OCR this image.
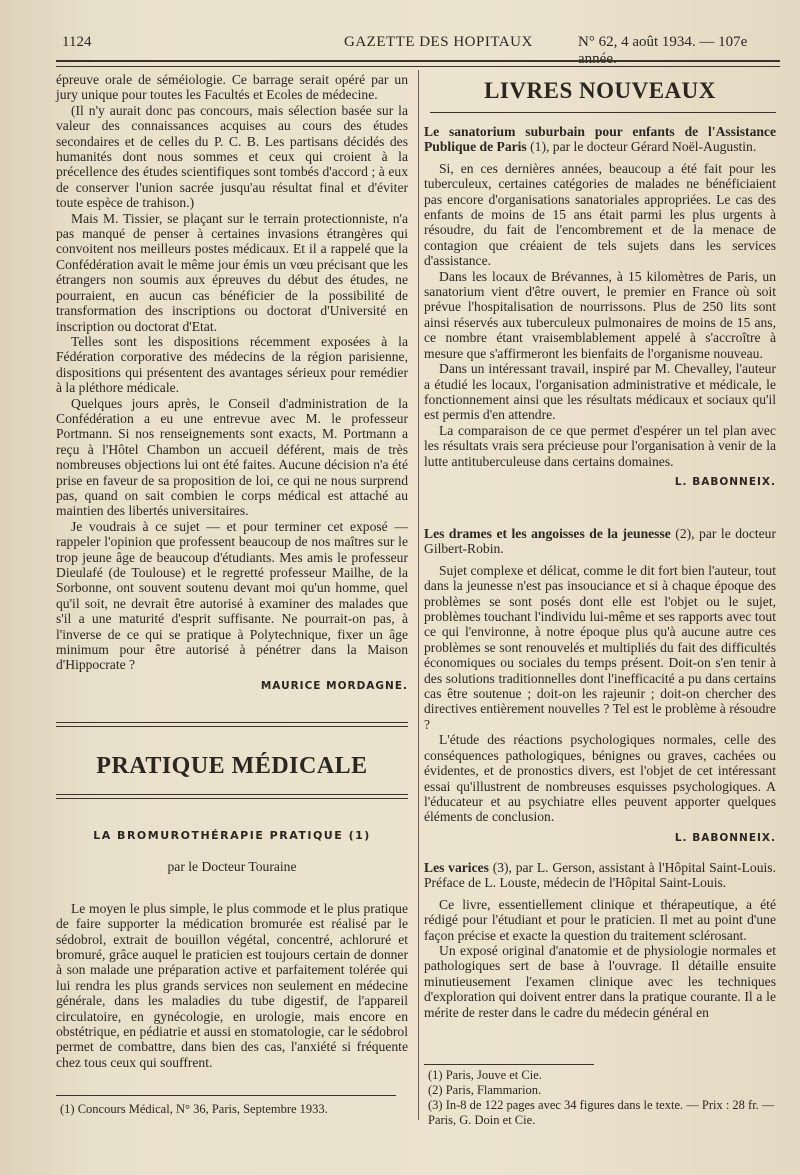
1124	GAZETTE DES HOPITAUX	N° 62, 4 août 1934. — 107e année.

épreuve orale de séméiologie. Ce barrage serait opéré par un jury unique pour toutes les Facultés et Ecoles de médecine.

(Il n'y aurait donc pas concours, mais sélection basée sur la valeur des connaissances acquises au cours des études secondaires et de celles du P. C. B. Les partisans décidés des humanités dont nous sommes et ceux qui croient à la précellence des études scientifiques sont tombés d'accord ; à eux de conserver l'union sacrée jusqu'au résultat final et d'éviter toute espèce de trahison.)

Mais M. Tissier, se plaçant sur le terrain protectionniste, n'a pas manqué de penser à certaines invasions étrangères qui convoitent nos meilleurs postes médicaux. Et il a rappelé que la Confédération avait le même jour émis un vœu précisant que les étrangers non soumis aux épreuves du début des études, ne pourraient, en aucun cas bénéficier de la possibilité de transformation des inscriptions ou doctorat d'Université en inscription ou doctorat d'Etat.

Telles sont les dispositions récemment exposées à la Fédération corporative des médecins de la région parisienne, dispositions qui présentent des avantages sérieux pour remédier à la pléthore médicale.

Quelques jours après, le Conseil d'administration de la Confédération a eu une entrevue avec M. le professeur Portmann. Si nos renseignements sont exacts, M. Portmann a reçu à l'Hôtel Chambon un accueil déférent, mais de très nombreuses objections lui ont été faites. Aucune décision n'a été prise en faveur de sa proposition de loi, ce qui ne nous surprend pas, quand on sait combien le corps médical est attaché au maintien des libertés universitaires.

Je voudrais à ce sujet — et pour terminer cet exposé — rappeler l'opinion que professent beaucoup de nos maîtres sur le trop jeune âge de beaucoup d'étudiants. Mes amis le professeur Dieulafé (de Toulouse) et le regretté professeur Mailhe, de la Sorbonne, ont souvent soutenu devant moi qu'un homme, quel qu'il soit, ne devrait être autorisé à examiner des malades que s'il a une maturité d'esprit suffisante. Ne pourrait-on pas, à l'inverse de ce qui se pratique à Polytechnique, fixer un âge minimum pour être autorisé à pénétrer dans la Maison d'Hippocrate ?

MAURICE MORDAGNE.
PRATIQUE MÉDICALE
LA BROMUROTHÉRAPIE PRATIQUE (1)
par le Docteur Touraine

Le moyen le plus simple, le plus commode et le plus pratique de faire supporter la médication bromurée est réalisé par le sédobrol, extrait de bouillon végétal, concentré, achloruré et bromuré, grâce auquel le praticien est toujours certain de donner à son malade une préparation active et parfaitement tolérée qui lui rendra les plus grands services non seulement en médecine générale, dans les maladies du tube digestif, de l'appareil circulatoire, en gynécologie, en urologie, mais encore en obstétrique, en pédiatrie et aussi en stomatologie, car le sédobrol permet de combattre, dans bien des cas, l'anxiété si fréquente chez tous ceux qui souffrent.

(1) Concours Médical, N° 36, Paris, Septembre 1933.
LIVRES NOUVEAUX

Le sanatorium suburbain pour enfants de l'Assistance Publique de Paris (1), par le docteur Gérard Noël-Augustin.

Si, en ces dernières années, beaucoup a été fait pour les tuberculeux, certaines catégories de malades ne bénéficiaient pas encore d'organisations sanatoriales appropriées. Le cas des enfants de moins de 15 ans était parmi les plus urgents à résoudre, du fait de l'encombrement et de la menace de contagion que créaient de tels sujets dans les services d'assistance.

Dans les locaux de Brévannes, à 15 kilomètres de Paris, un sanatorium vient d'être ouvert, le premier en France où soit prévue l'hospitalisation de nourrissons. Plus de 250 lits sont ainsi réservés aux tuberculeux pulmonaires de moins de 15 ans, ce nombre étant vraisemblablement appelé à s'accroître à mesure que s'affirmeront les bienfaits de l'organisme nouveau.

Dans un intéressant travail, inspiré par M. Chevalley, l'auteur a étudié les locaux, l'organisation administrative et médicale, le fonctionnement ainsi que les résultats médicaux et sociaux qu'il est permis d'en attendre.

La comparaison de ce que permet d'espérer un tel plan avec les résultats vrais sera précieuse pour l'organisation à venir de la lutte antituberculeuse dans certains domaines.

L. BABONNEIX.

Les drames et les angoisses de la jeunesse (2), par le docteur Gilbert-Robin.

Sujet complexe et délicat, comme le dit fort bien l'auteur, tout dans la jeunesse n'est pas insouciance et si à chaque époque des problèmes se sont posés dont elle est l'objet ou le sujet, problèmes touchant l'individu lui-même et ses rapports avec tout ce qui l'environne, à notre époque plus qu'à aucune autre ces problèmes se sont renouvelés et multipliés du fait des difficultés économiques ou sociales du temps présent. Doit-on s'en tenir à des solutions traditionnelles dont l'inefficacité a pu dans certains cas être soutenue ; doit-on les rajeunir ; doit-on chercher des directives entièrement nouvelles ? Tel est le problème à résoudre ?

L'étude des réactions psychologiques normales, celle des conséquences pathologiques, bénignes ou graves, cachées ou évidentes, et de pronostics divers, est l'objet de cet intéressant essai qu'illustrent de nombreuses esquisses psychologiques. A l'éducateur et au psychiatre elles peuvent apporter quelques éléments de conclusion.

L. BABONNEIX.

Les varices (3), par L. Gerson, assistant à l'Hôpital Saint-Louis. Préface de L. Louste, médecin de l'Hôpital Saint-Louis.

Ce livre, essentiellement clinique et thérapeutique, a été rédigé pour l'étudiant et pour le praticien. Il met au point d'une façon précise et exacte la question du traitement sclérosant.

Un exposé original d'anatomie et de physiologie normales et pathologiques sert de base à l'ouvrage. Il détaille ensuite minutieusement l'examen clinique avec les techniques d'exploration qui doivent entrer dans la pratique courante. Il a le mérite de rester dans le cadre du médecin général en

(1) Paris, Jouve et Cie.
(2) Paris, Flammarion.
(3) In-8 de 122 pages avec 34 figures dans le texte. — Prix : 28 fr. — Paris, G. Doin et Cie.
